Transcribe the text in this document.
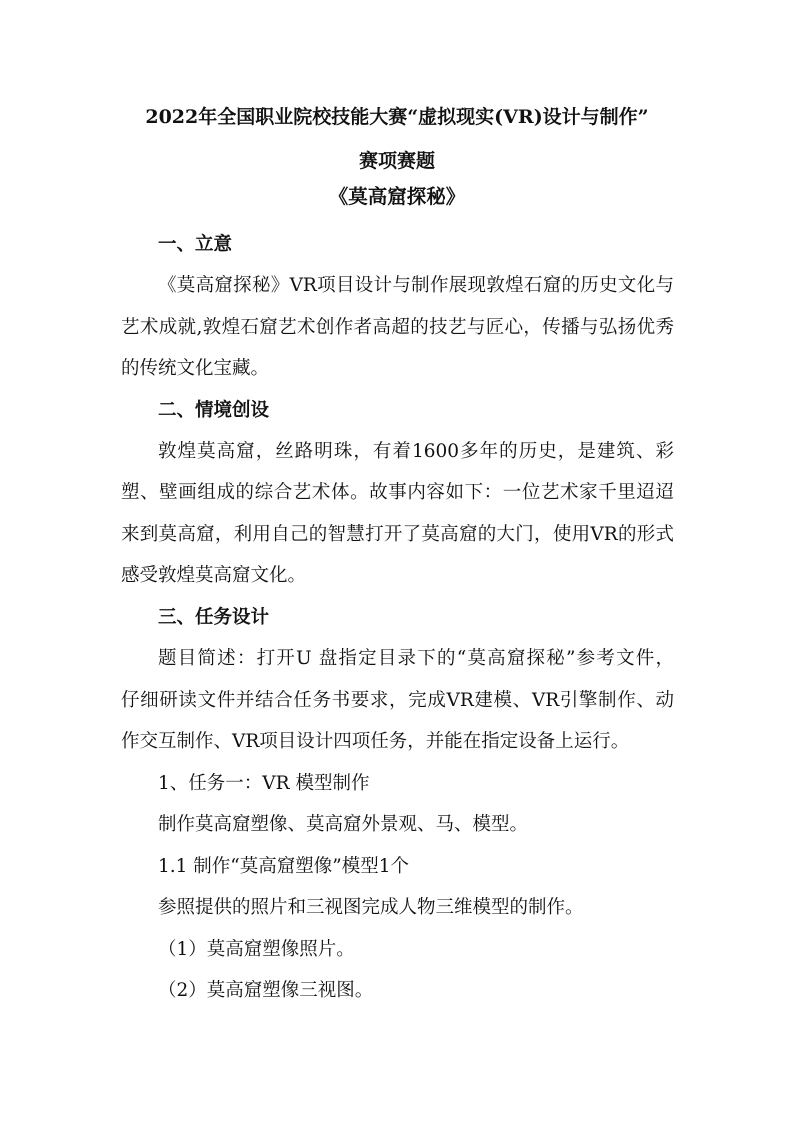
2022年全国职业院校技能大赛“虚拟现实(VR)设计与制作”
赛项赛题
《莫高窟探秘》
一、立意
《莫高窟探秘》VR项目设计与制作展现敦煌石窟的历史文化与
艺术成就,敦煌石窟艺术创作者高超的技艺与匠心，传播与弘扬优秀
的传统文化宝藏。
二、情境创设
敦煌莫高窟，丝路明珠，有着1600多年的历史，是建筑、彩
塑、壁画组成的综合艺术体。故事内容如下：一位艺术家千里迢迢
来到莫高窟，利用自己的智慧打开了莫高窟的大门，使用VR的形式
感受敦煌莫高窟文化。
三、任务设计
题目简述：打开U 盘指定目录下的“莫高窟探秘”参考文件，
仔细研读文件并结合任务书要求，完成VR建模、VR引擎制作、动
作交互制作、VR项目设计四项任务，并能在指定设备上运行。
1、任务一：VR 模型制作
制作莫高窟塑像、莫高窟外景观、马、模型。
1.1 制作“莫高窟塑像”模型1个
参照提供的照片和三视图完成人物三维模型的制作。
（1）莫高窟塑像照片。
（2）莫高窟塑像三视图。
